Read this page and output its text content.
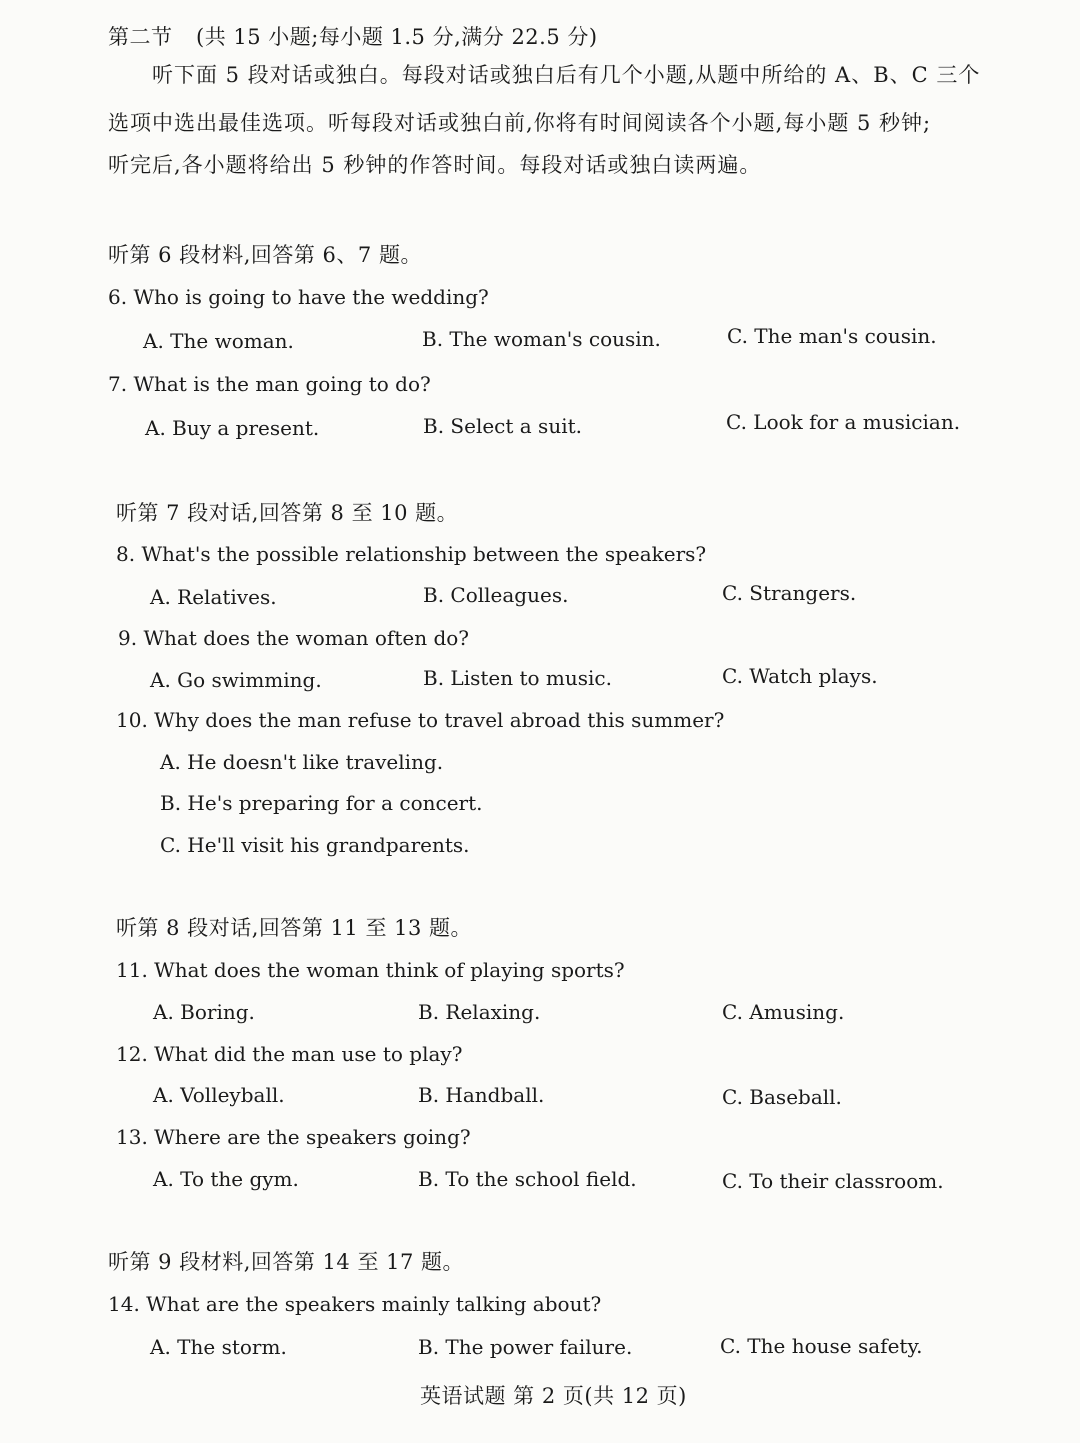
第二节 (共 15 小题;每小题 1.5 分,满分 22.5 分)
听下面 5 段对话或独白。每段对话或独白后有几个小题,从题中所给的 A、B、C 三个
选项中选出最佳选项。听每段对话或独白前,你将有时间阅读各个小题,每小题 5 秒钟;
听完后,各小题将给出 5 秒钟的作答时间。每段对话或独白读两遍。
听第 6 段材料,回答第 6、7 题。
6. Who is going to have the wedding?
A. The woman.	B. The woman's cousin.	C. The man's cousin.
7. What is the man going to do?
A. Buy a present.	B. Select a suit.	C. Look for a musician.
听第 7 段对话,回答第 8 至 10 题。
8. What's the possible relationship between the speakers?
A. Relatives.	B. Colleagues.	C. Strangers.
9. What does the woman often do?
A. Go swimming.	B. Listen to music.	C. Watch plays.
10. Why does the man refuse to travel abroad this summer?
A. He doesn't like traveling.
B. He's preparing for a concert.
C. He'll visit his grandparents.
听第 8 段对话,回答第 11 至 13 题。
11. What does the woman think of playing sports?
A. Boring.	B. Relaxing.	C. Amusing.
12. What did the man use to play?
A. Volleyball.	B. Handball.	C. Baseball.
13. Where are the speakers going?
A. To the gym.	B. To the school field.	C. To their classroom.
听第 9 段材料,回答第 14 至 17 题。
14. What are the speakers mainly talking about?
A. The storm.	B. The power failure.	C. The house safety.
英语试题 第 2 页(共 12 页)
